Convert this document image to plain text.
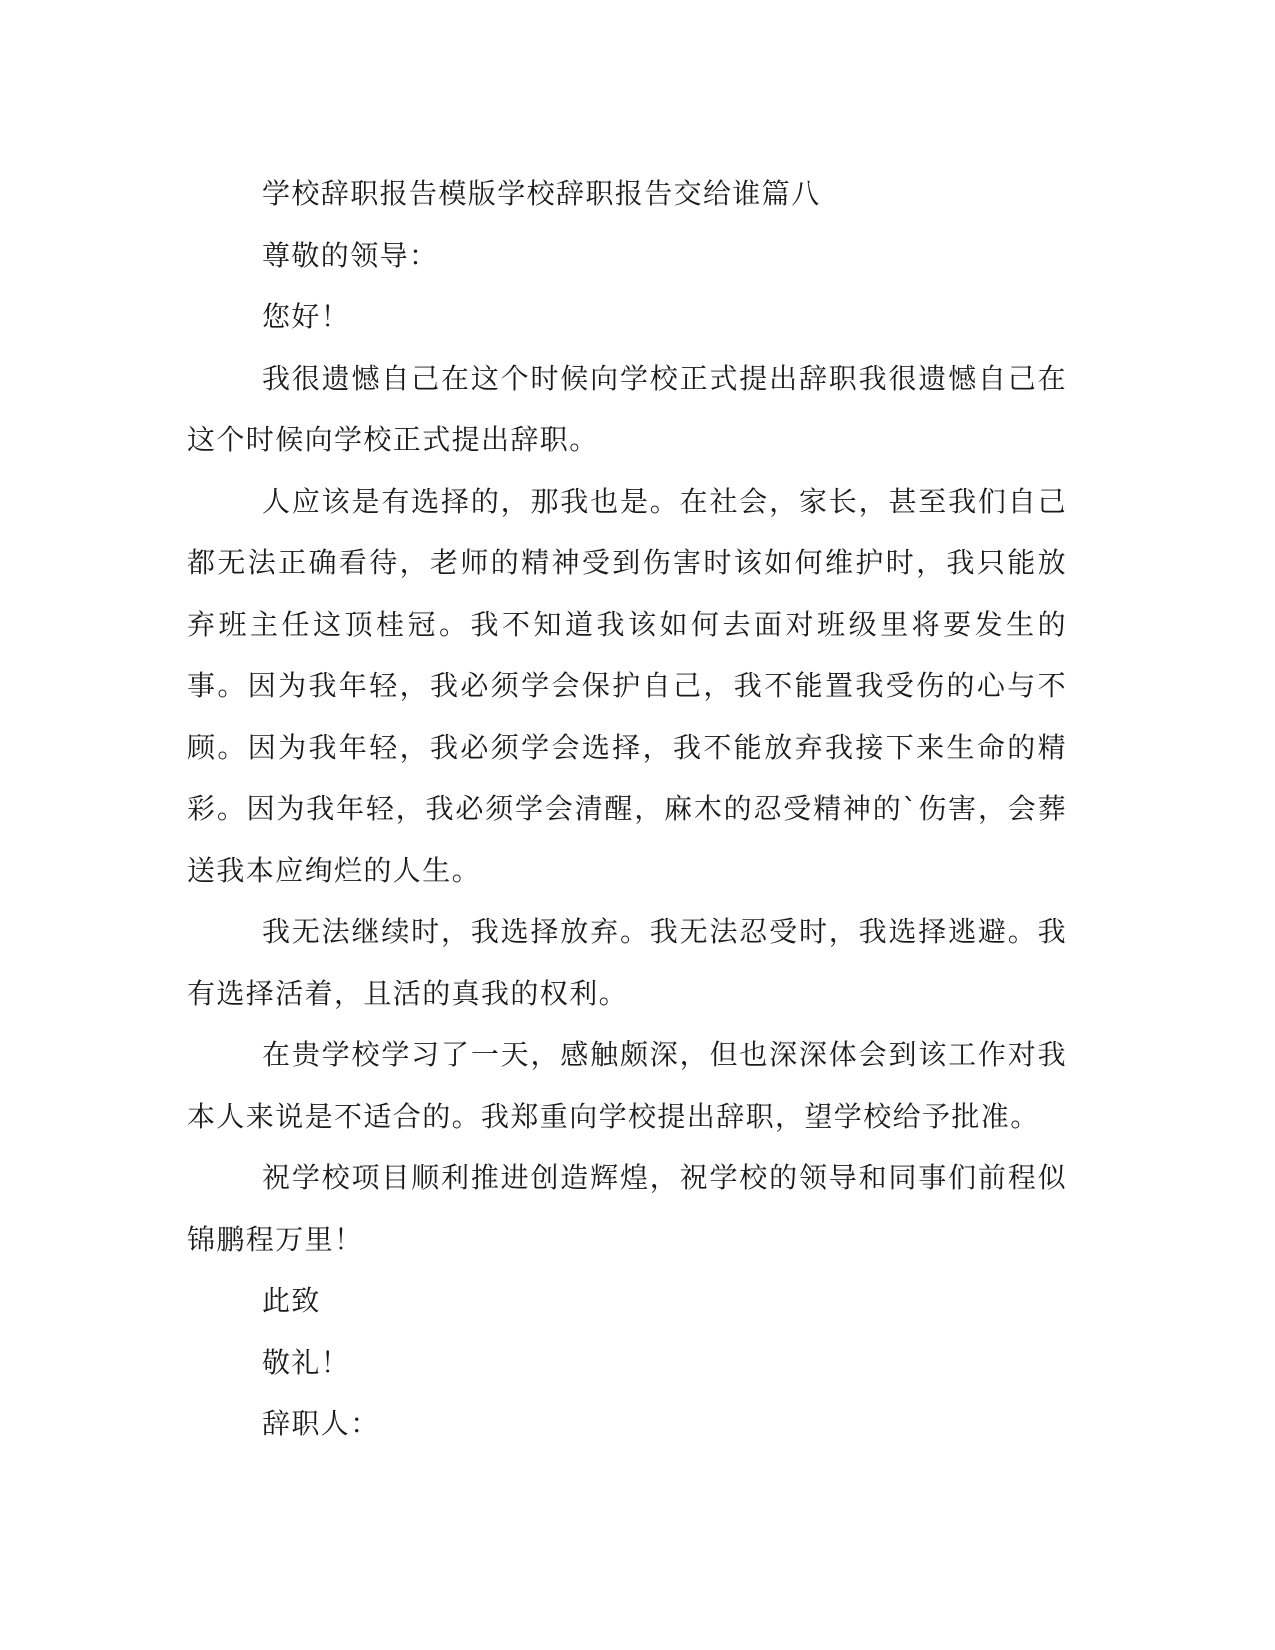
学校辞职报告模版学校辞职报告交给谁篇八

尊敬的领导：

您好！

我很遗憾自己在这个时候向学校正式提出辞职我很遗憾自己在这个时候向学校正式提出辞职。

人应该是有选择的，那我也是。在社会，家长，甚至我们自己都无法正确看待，老师的精神受到伤害时该如何维护时，我只能放弃班主任这顶桂冠。我不知道我该如何去面对班级里将要发生的事。因为我年轻，我必须学会保护自己，我不能置我受伤的心与不顾。因为我年轻，我必须学会选择，我不能放弃我接下来生命的精彩。因为我年轻，我必须学会清醒，麻木的忍受精神的`伤害，会葬送我本应绚烂的人生。

我无法继续时，我选择放弃。我无法忍受时，我选择逃避。我有选择活着，且活的真我的权利。

在贵学校学习了一天，感触颇深，但也深深体会到该工作对我本人来说是不适合的。我郑重向学校提出辞职，望学校给予批准。

祝学校项目顺利推进创造辉煌，祝学校的领导和同事们前程似锦鹏程万里！

此致

敬礼！

辞职人：
